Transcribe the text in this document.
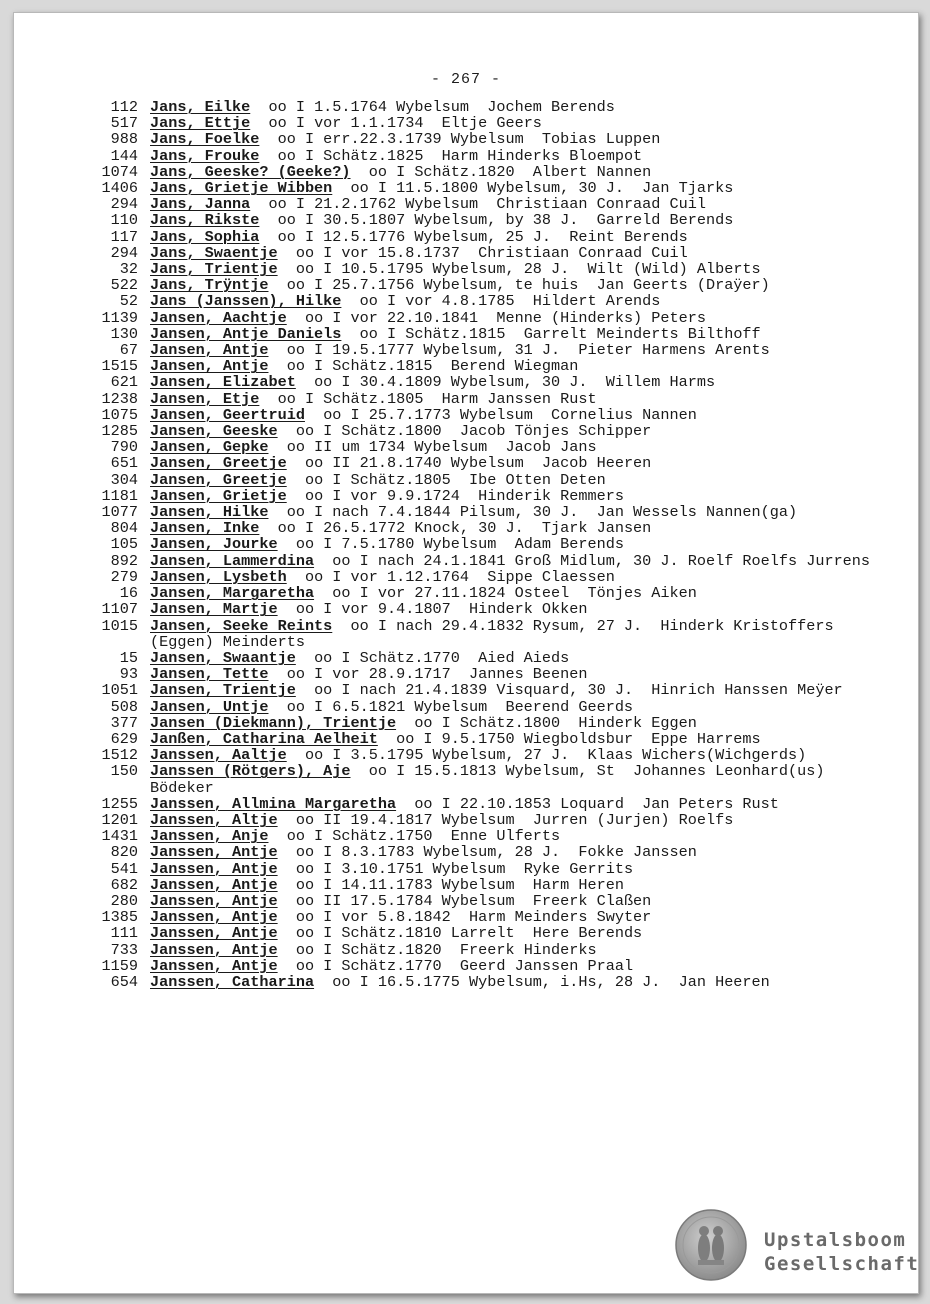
- 267 -
112 Jans, Eilke oo I 1.5.1764 Wybelsum  Jochem Berends
517 Jans, Ettje oo I vor 1.1.1734  Eltje Geers
988 Jans, Foelke oo I err.22.3.1739 Wybelsum  Tobias Luppen
144 Jans, Frouke oo I Schätz.1825  Harm Hinderks Bloempot
1074 Jans, Geeske? (Geeke?) oo I Schätz.1820  Albert Nannen
1406 Jans, Grietje Wibben oo I 11.5.1800 Wybelsum, 30 J.  Jan Tjarks
294 Jans, Janna oo I 21.2.1762 Wybelsum  Christiaan Conraad Cuil
110 Jans, Rikste oo I 30.5.1807 Wybelsum, by 38 J.  Garreld Berends
117 Jans, Sophia oo I 12.5.1776 Wybelsum, 25 J.  Reint Berends
294 Jans, Swaentje oo I vor 15.8.1737  Christiaan Conraad Cuil
32 Jans, Trientje oo I 10.5.1795 Wybelsum, 28 J.  Wilt (Wild) Alberts
522 Jans, Trÿntje oo I 25.7.1756 Wybelsum, te huis  Jan Geerts (Draÿer)
52 Jans (Janssen), Hilke oo I vor 4.8.1785  Hildert Arends
1139 Jansen, Aachtje oo I vor 22.10.1841  Menne (Hinderks) Peters
130 Jansen, Antje Daniels oo I Schätz.1815  Garrelt Meinderts Bilthoff
67 Jansen, Antje oo I 19.5.1777 Wybelsum, 31 J.  Pieter Harmens Arents
1515 Jansen, Antje oo I Schätz.1815  Berend Wiegman
621 Jansen, Elizabet oo I 30.4.1809 Wybelsum, 30 J.  Willem Harms
1238 Jansen, Etje oo I Schätz.1805  Harm Janssen Rust
1075 Jansen, Geertruid oo I 25.7.1773 Wybelsum  Cornelius Nannen
1285 Jansen, Geeske oo I Schätz.1800  Jacob Tönjes Schipper
790 Jansen, Gepke oo II um 1734 Wybelsum  Jacob Jans
651 Jansen, Greetje oo II 21.8.1740 Wybelsum  Jacob Heeren
304 Jansen, Greetje oo I Schätz.1805  Ibe Otten Deten
1181 Jansen, Grietje oo I vor 9.9.1724  Hinderik Remmers
1077 Jansen, Hilke oo I nach 7.4.1844 Pilsum, 30 J.  Jan Wessels Nannen(ga)
804 Jansen, Inke oo I 26.5.1772 Knock, 30 J.  Tjark Jansen
105 Jansen, Jourke oo I 7.5.1780 Wybelsum  Adam Berends
892 Jansen, Lammerdina oo I nach 24.1.1841 Groß Midlum, 30 J. Roelf Roelfs Jurrens
279 Jansen, Lysbeth oo I vor 1.12.1764  Sippe Claessen
16 Jansen, Margaretha oo I vor 27.11.1824 Osteel  Tönjes Aiken
1107 Jansen, Martje oo I vor 9.4.1807  Hinderk Okken
1015 Jansen, Seeke Reints oo I nach 29.4.1832 Rysum, 27 J.  Hinderk Kristoffers (Eggen) Meinderts
15 Jansen, Swaantje oo I Schätz.1770  Aied Aieds
93 Jansen, Tette oo I vor 28.9.1717  Jannes Beenen
1051 Jansen, Trientje oo I nach 21.4.1839 Visquard, 30 J.  Hinrich Hanssen Meÿer
508 Jansen, Untje oo I 6.5.1821 Wybelsum  Beerend Geerds
377 Jansen (Diekmann), Trientje oo I Schätz.1800  Hinderk Eggen
629 Janßen, Catharina Aelheit oo I 9.5.1750 Wiegboldsbur  Eppe Harrems
1512 Janssen, Aaltje oo I 3.5.1795 Wybelsum, 27 J.  Klaas Wichers(Wichgerds)
150 Janssen (Rötgers), Aje oo I 15.5.1813 Wybelsum, St  Johannes Leonhard(us) Bödeker
1255 Janssen, Allmina Margaretha oo I 22.10.1853 Loquard  Jan Peters Rust
1201 Janssen, Altje oo II 19.4.1817 Wybelsum  Jurren (Jurjen) Roelfs
1431 Janssen, Anje oo I Schätz.1750  Enne Ulferts
820 Janssen, Antje oo I 8.3.1783 Wybelsum, 28 J.  Fokke Janssen
541 Janssen, Antje oo I 3.10.1751 Wybelsum  Ryke Gerrits
682 Janssen, Antje oo I 14.11.1783 Wybelsum  Harm Heren
280 Janssen, Antje oo II 17.5.1784 Wybelsum  Freerk Claßen
1385 Janssen, Antje oo I vor 5.8.1842  Harm Meinders Swyter
111 Janssen, Antje oo I Schätz.1810 Larrelt  Here Berends
733 Janssen, Antje oo I Schätz.1820  Freerk Hinderks
1159 Janssen, Antje oo I Schätz.1770  Geerd Janssen Praal
654 Janssen, Catharina oo I 16.5.1775 Wybelsum, i.Hs, 28 J.  Jan Heeren
Upstalsboom
Gesellschaft
